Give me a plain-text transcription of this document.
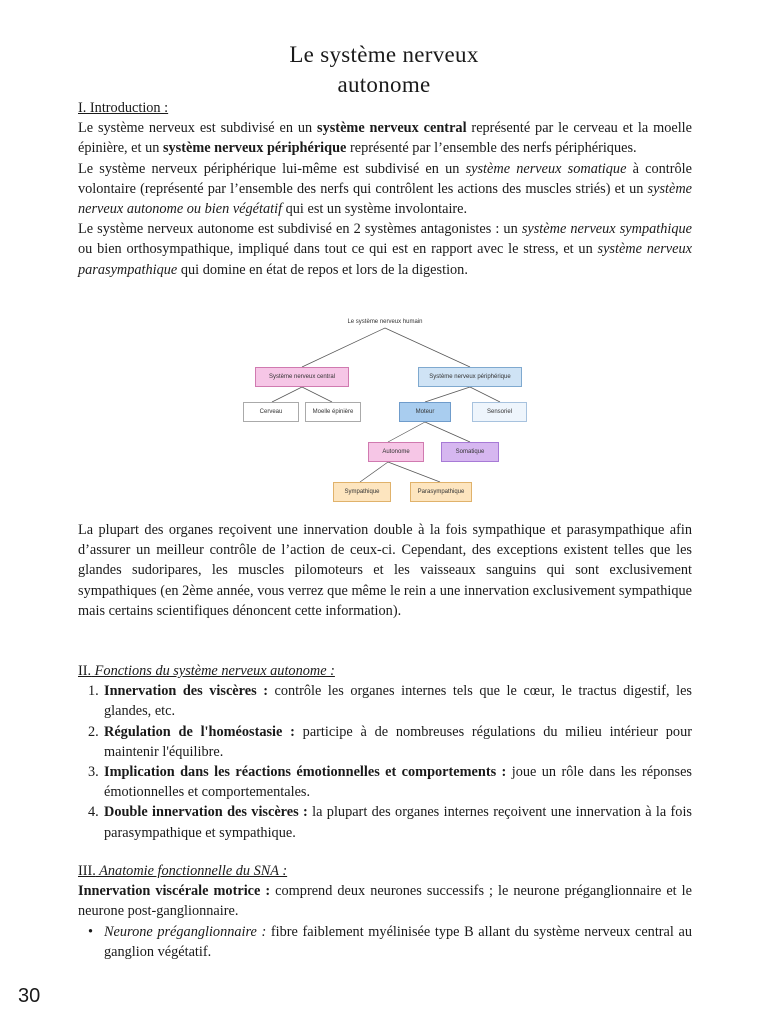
Le système nerveux
autonome

I. Introduction :

Le système nerveux est subdivisé en un système nerveux central représenté par le cerveau et la moelle épinière, et un système nerveux périphérique représenté par l’ensemble des nerfs périphériques.

Le système nerveux périphérique lui-même est subdivisé en un système nerveux somatique à contrôle volontaire (représenté par l’ensemble des nerfs qui contrôlent les actions des muscles striés) et un système nerveux autonome ou bien végétatif qui est un système involontaire.

Le système nerveux autonome est subdivisé en 2 systèmes antagonistes : un système nerveux sympathique ou bien orthosympathique, impliqué dans tout ce qui est en rapport avec le stress, et un système nerveux parasympathique qui domine en état de repos et lors de la digestion.

Le système nerveux humain
Système nerveux central	Système nerveux périphérique
Cerveau	Moelle épinière	Moteur	Sensoriel
Autonome	Somatique
Sympathique	Parasympathique

La plupart des organes reçoivent une innervation double à la fois sympathique et parasympathique afin d’assurer un meilleur contrôle de l’action de ceux-ci. Cependant, des exceptions existent telles que les glandes sudoripares, les muscles pilomoteurs et les vaisseaux sanguins qui sont exclusivement sympathiques (en 2ème année, vous verrez que même le rein a une innervation exclusivement sympathique mais certains scientifiques dénoncent cette information).

II. Fonctions du système nerveux autonome :

1. Innervation des viscères : contrôle les organes internes tels que le cœur, le tractus digestif, les glandes, etc.
2. Régulation de l'homéostasie : participe à de nombreuses régulations du milieu intérieur pour maintenir l'équilibre.
3. Implication dans les réactions émotionnelles et comportements : joue un rôle dans les réponses émotionnelles et comportementales.
4. Double innervation des viscères : la plupart des organes internes reçoivent une innervation à la fois parasympathique et sympathique.

III. Anatomie fonctionnelle du SNA :

Innervation viscérale motrice : comprend deux neurones successifs ; le neurone préganglionnaire et le neurone post-ganglionnaire.

• Neurone préganglionnaire : fibre faiblement myélinisée type B allant du système nerveux central au ganglion végétatif.
30
